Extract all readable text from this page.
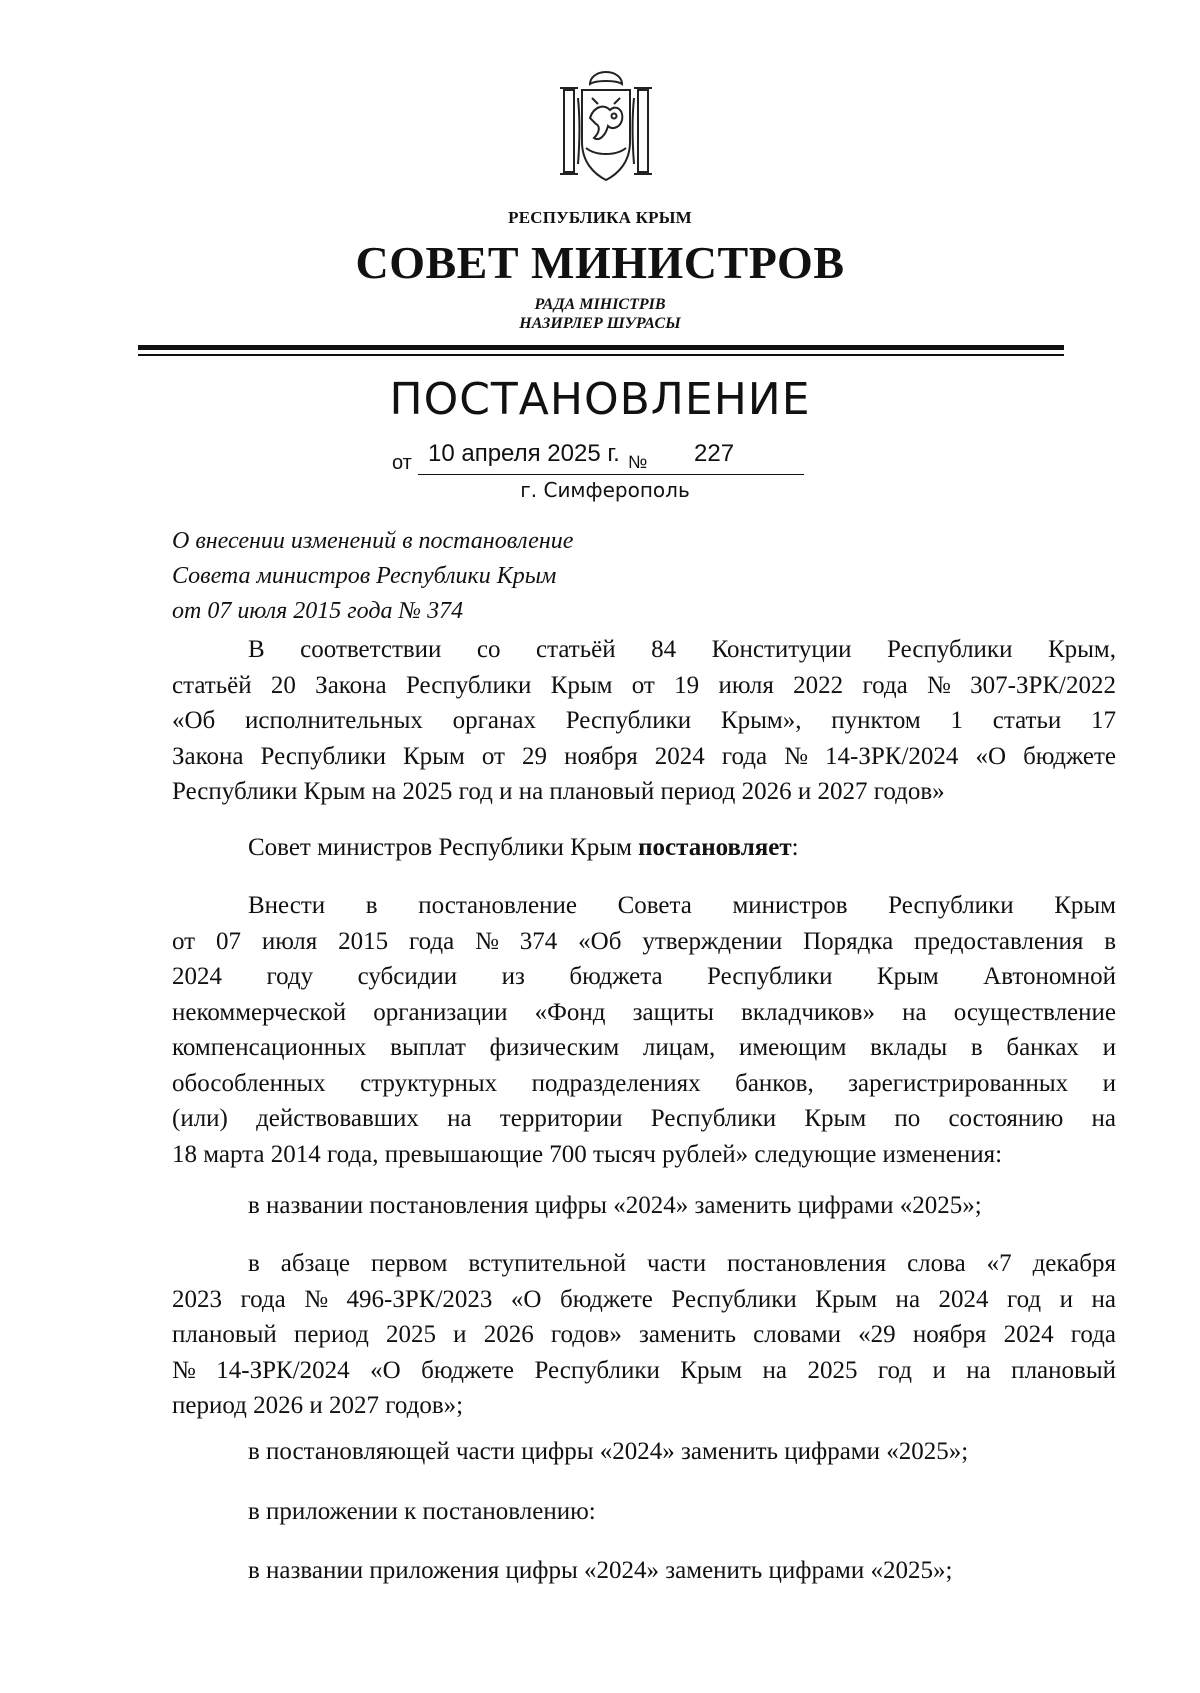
РЕСПУБЛИКА КРЫМ
СОВЕТ МИНИСТРОВ
РАДА МІНІСТРІВ
НАЗИРЛЕР ШУРАСЫ
ПОСТАНОВЛЕНИЕ
от 10 апреля 2025 г. № 227
г. Симферополь
О внесении изменений в постановление
Совета министров Республики Крым
от 07 июля 2015 года № 374
В соответствии со статьёй 84 Конституции Республики Крым,
статьёй 20 Закона Республики Крым от 19 июля 2022 года № 307-ЗРК/2022
«Об исполнительных органах Республики Крым», пунктом 1 статьи 17
Закона Республики Крым от 29 ноября 2024 года № 14-ЗРК/2024 «О бюджете
Республики Крым на 2025 год и на плановый период 2026 и 2027 годов»
Совет министров Республики Крым постановляет:
Внести в постановление Совета министров Республики Крым
от 07 июля 2015 года № 374 «Об утверждении Порядка предоставления в
2024 году субсидии из бюджета Республики Крым Автономной
некоммерческой организации «Фонд защиты вкладчиков» на осуществление
компенсационных выплат физическим лицам, имеющим вклады в банках и
обособленных структурных подразделениях банков, зарегистрированных и
(или) действовавших на территории Республики Крым по состоянию на
18 марта 2014 года, превышающие 700 тысяч рублей» следующие изменения:
в названии постановления цифры «2024» заменить цифрами «2025»;
в абзаце первом вступительной части постановления слова «7 декабря
2023 года № 496-ЗРК/2023 «О бюджете Республики Крым на 2024 год и на
плановый период 2025 и 2026 годов» заменить словами «29 ноября 2024 года
№ 14-ЗРК/2024 «О бюджете Республики Крым на 2025 год и на плановый
период 2026 и 2027 годов»;
в постановляющей части цифры «2024» заменить цифрами «2025»;
в приложении к постановлению:
в названии приложения цифры «2024» заменить цифрами «2025»;
